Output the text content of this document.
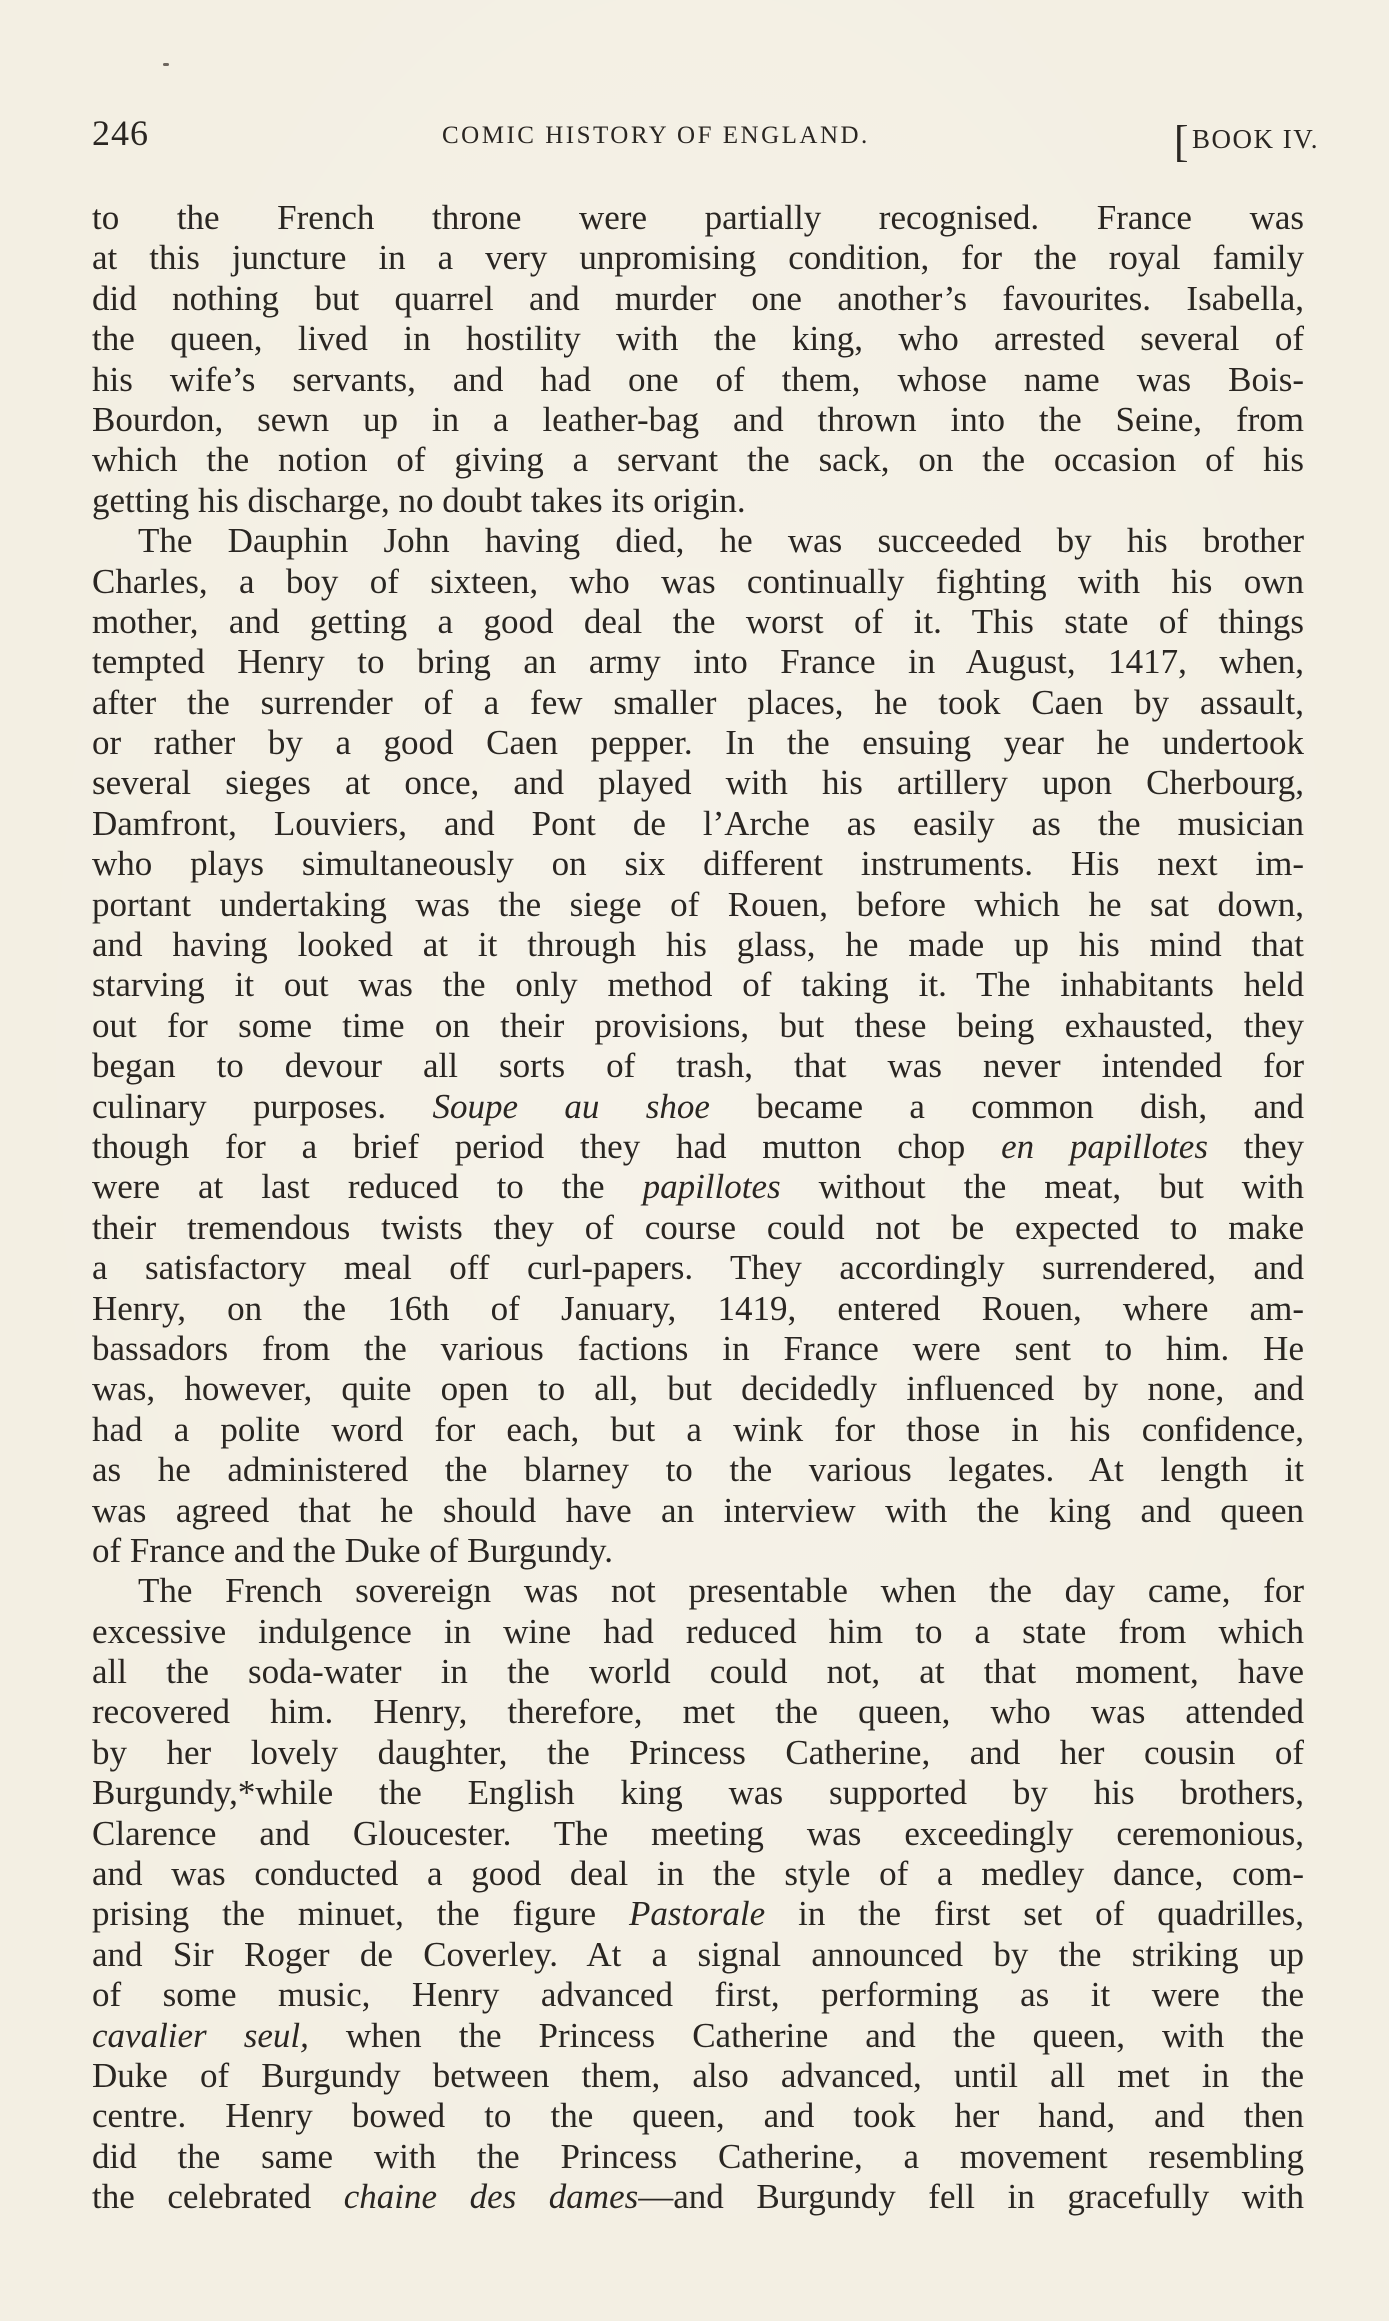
246	COMIC HISTORY OF ENGLAND.	[BOOK IV.
to the French throne were partially recognised. France was
at this juncture in a very unpromising condition, for the royal family
did nothing but quarrel and murder one another’s favourites. Isabella,
the queen, lived in hostility with the king, who arrested several of
his wife’s servants, and had one of them, whose name was Bois-
Bourdon, sewn up in a leather-bag and thrown into the Seine, from
which the notion of giving a servant the sack, on the occasion of his
getting his discharge, no doubt takes its origin.
The Dauphin John having died, he was succeeded by his brother
Charles, a boy of sixteen, who was continually fighting with his own
mother, and getting a good deal the worst of it. This state of things
tempted Henry to bring an army into France in August, 1417, when,
after the surrender of a few smaller places, he took Caen by assault,
or rather by a good Caen pepper. In the ensuing year he undertook
several sieges at once, and played with his artillery upon Cherbourg,
Damfront, Louviers, and Pont de l’Arche as easily as the musician
who plays simultaneously on six different instruments. His next im-
portant undertaking was the siege of Rouen, before which he sat down,
and having looked at it through his glass, he made up his mind that
starving it out was the only method of taking it. The inhabitants held
out for some time on their provisions, but these being exhausted, they
began to devour all sorts of trash, that was never intended for
culinary purposes. Soupe au shoe became a common dish, and
though for a brief period they had mutton chop en papillotes they
were at last reduced to the papillotes without the meat, but with
their tremendous twists they of course could not be expected to make
a satisfactory meal off curl-papers. They accordingly surrendered, and
Henry, on the 16th of January, 1419, entered Rouen, where am-
bassadors from the various factions in France were sent to him. He
was, however, quite open to all, but decidedly influenced by none, and
had a polite word for each, but a wink for those in his confidence,
as he administered the blarney to the various legates. At length it
was agreed that he should have an interview with the king and queen
of France and the Duke of Burgundy.
The French sovereign was not presentable when the day came, for
excessive indulgence in wine had reduced him to a state from which
all the soda-water in the world could not, at that moment, have
recovered him. Henry, therefore, met the queen, who was attended
by her lovely daughter, the Princess Catherine, and her cousin of
Burgundy,*while the English king was supported by his brothers,
Clarence and Gloucester. The meeting was exceedingly ceremonious,
and was conducted a good deal in the style of a medley dance, com-
prising the minuet, the figure Pastorale in the first set of quadrilles,
and Sir Roger de Coverley. At a signal announced by the striking up
of some music, Henry advanced first, performing as it were the
cavalier seul, when the Princess Catherine and the queen, with the
Duke of Burgundy between them, also advanced, until all met in the
centre. Henry bowed to the queen, and took her hand, and then
did the same with the Princess Catherine, a movement resembling
the celebrated chaine des dames—and Burgundy fell in gracefully with
